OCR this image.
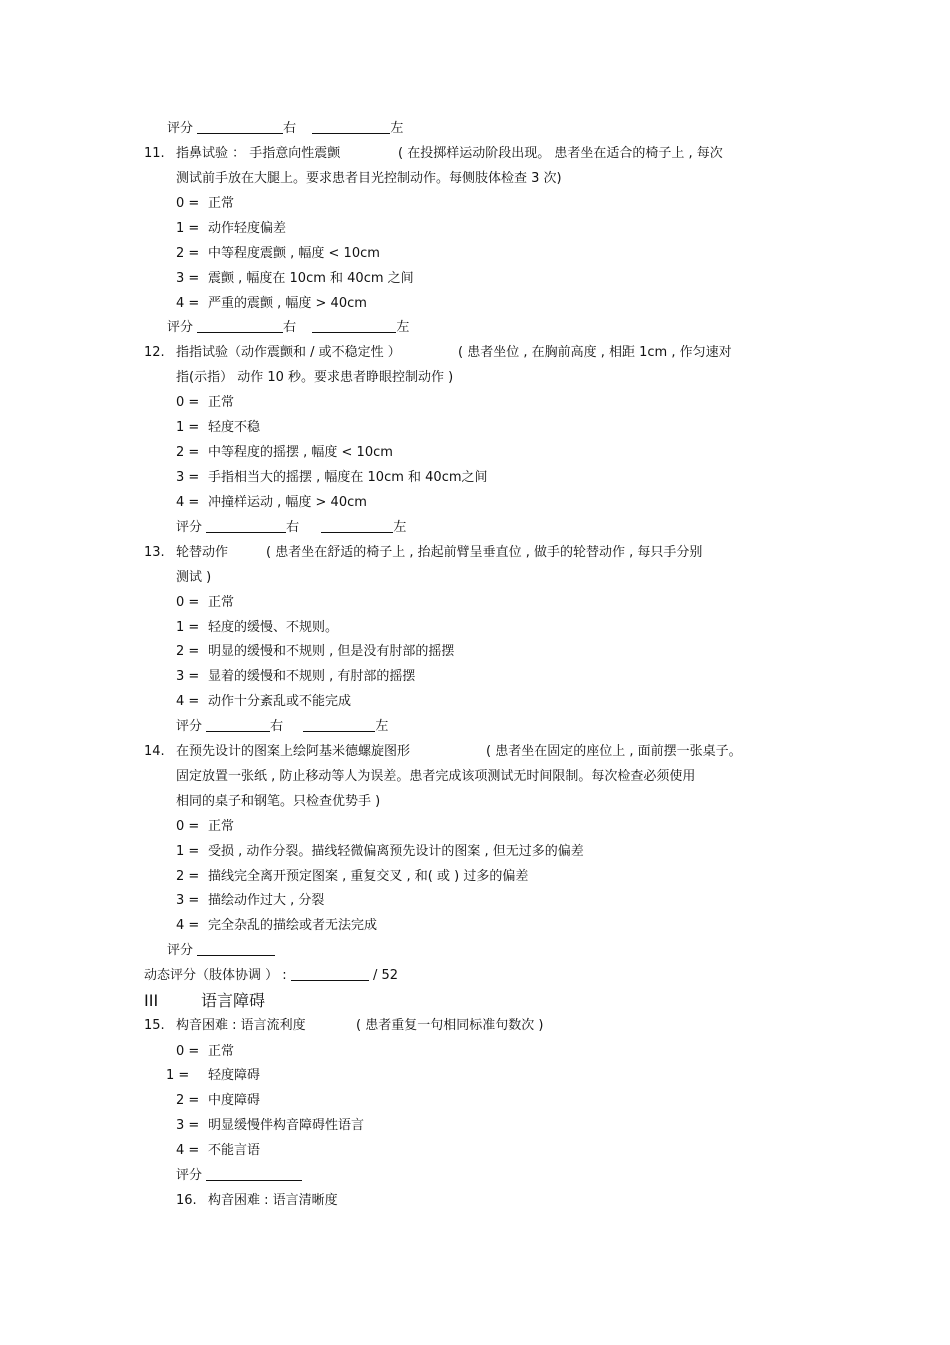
评分	右	左
11. 指鼻试验 ： 手指意向性震颤	( 在投掷样运动阶段出现。 患者坐在适合的椅子上 , 每次
测试前手放在大腿上。要求患者目光控制动作。每侧肢体检查 3 次)
0 = 正常
1 = 动作轻度偏差
2 = 中等程度震颤 , 幅度 < 10cm
3 = 震颤 , 幅度在 10cm 和 40cm 之间
4 = 严重的震颤 , 幅度 > 40cm
评分	右	左
12. 指指试验（动作震颤和 / 或不稳定性 ）	( 患者坐位 , 在胸前高度 , 相距 1cm , 作匀速对
指(示指） 动作 10 秒。要求患者睁眼控制动作 )
0 = 正常
1 = 轻度不稳
2 = 中等程度的摇摆 , 幅度 < 10cm
3 = 手指相当大的摇摆 , 幅度在 10cm 和 40cm之间
4 = 冲撞样运动 , 幅度 > 40cm
评分	右	左
13. 轮替动作	( 患者坐在舒适的椅子上 , 抬起前臂呈垂直位 , 做手的轮替动作 , 每只手分别
测试 )
0 = 正常
1 = 轻度的缓慢、不规则。
2 = 明显的缓慢和不规则 , 但是没有肘部的摇摆
3 = 显着的缓慢和不规则 , 有肘部的摇摆
4 = 动作十分紊乱或不能完成
评分	右	左
14. 在预先设计的图案上绘阿基米德螺旋图形	( 患者坐在固定的座位上 , 面前摆一张桌子。
固定放置一张纸 , 防止移动等人为误差。患者完成该项测试无时间限制。每次检查必须使用
相同的桌子和钢笔。只检查优势手 )
0 = 正常
1 = 受损 , 动作分裂。描线轻微偏离预先设计的图案 , 但无过多的偏差
2 = 描线完全离开预定图案 , 重复交叉 , 和( 或 ) 过多的偏差
3 = 描绘动作过大 , 分裂
4 = 完全杂乱的描绘或者无法完成
评分
动态评分（肢体协调 ） :	/ 52
III	语言障碍
15. 构音困难 : 语言流利度	( 患者重复一句相同标准句数次 )
0 = 正常
1 = 轻度障碍
2 = 中度障碍
3 = 明显缓慢伴构音障碍性语言
4 = 不能言语
评分
16. 构音困难 : 语言清晰度
